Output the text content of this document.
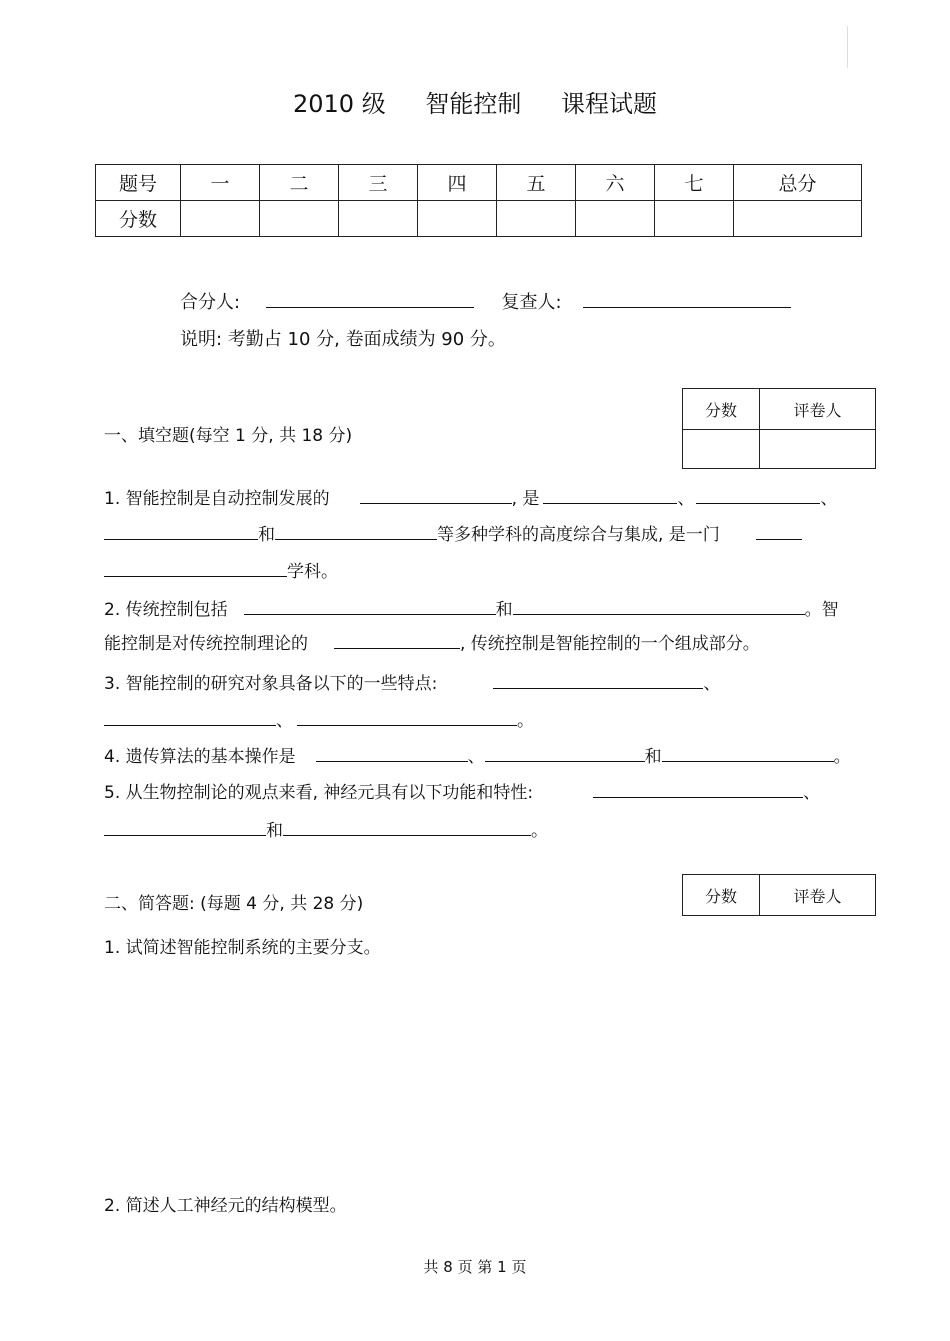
2010 级 智能控制 课程试题
题号	一	二	三	四	五	六	七	总分
分数								
合分人:	复查人:
说明: 考勤占 10 分, 卷面成绩为 90 分。
分数	评卷人

一、填空题(每空 1 分, 共 18 分)
1. 智能控制是自动控制发展的	, 是	、	、
和	等多种学科的高度综合与集成, 是一门
学科。
2. 传统控制包括	和	。智
能控制是对传统控制理论的	, 传统控制是智能控制的一个组成部分。
3. 智能控制的研究对象具备以下的一些特点:	、
、	。
4. 遗传算法的基本操作是	、	和	。
5. 从生物控制论的观点来看, 神经元具有以下功能和特性:	、
和	。
分数	评卷人
二、简答题: (每题 4 分, 共 28 分)
1. 试简述智能控制系统的主要分支。
2. 简述人工神经元的结构模型。
共 8 页 第 1 页
